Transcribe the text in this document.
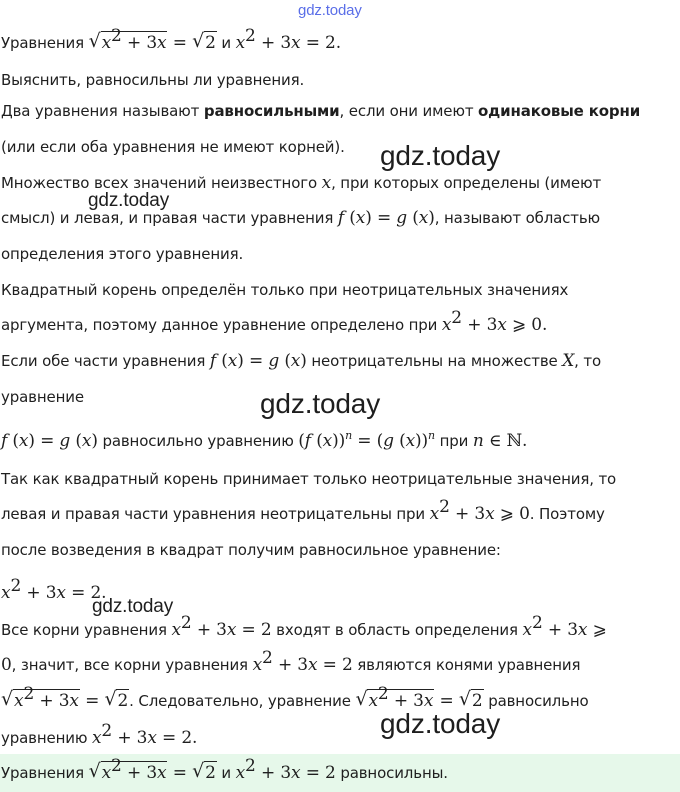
gdz.today
gdz.today
gdz.today
gdz.today
gdz.today
gdz.today
Уравнения √ $x^2 + 3x$ = √ 2 и $x^2 + 3x = 2$.
Выяснить, равносильны ли уравнения.
Два уравнения называют равносильными, если они имеют одинаковые корни
(или если оба уравнения не имеют корней).
Множество всех значений неизвестного x, при которых определены (имеют
смысл) и левая, и правая части уравнения f (x) = g (x), называют областью
определения этого уравнения.
Квадратный корень определён только при неотрицательных значениях
аргумента, поэтому данное уравнение определено при $x^2 + 3x$ ⩾ 0.
Если обе части уравнения f (x) = g (x) неотрицательны на множестве X, то
уравнение
f (x) = g (x) равносильно уравнению (f (x))$^n$ = (g (x))$^n$ при n ∈ ℕ.
Так как квадратный корень принимает только неотрицательные значения, то
левая и правая части уравнения неотрицательны при $x^2 + 3x$ ⩾ 0. Поэтому
после возведения в квадрат получим равносильное уравнение:
$x^2 + 3x = 2$.
Все корни уравнения $x^2 + 3x = 2$ входят в область определения $x^2 + 3x$ ⩾
0, значит, все корни уравнения $x^2 + 3x = 2$ являются конями уравнения
√ $x^2 + 3x$ = √ 2. Следовательно, уравнение √ $x^2 + 3x$ = √ 2 равносильно
уравнению $x^2 + 3x = 2$.
Уравнения √ $x^2 + 3x$ = √ 2 и $x^2 + 3x = 2$ равносильны.
